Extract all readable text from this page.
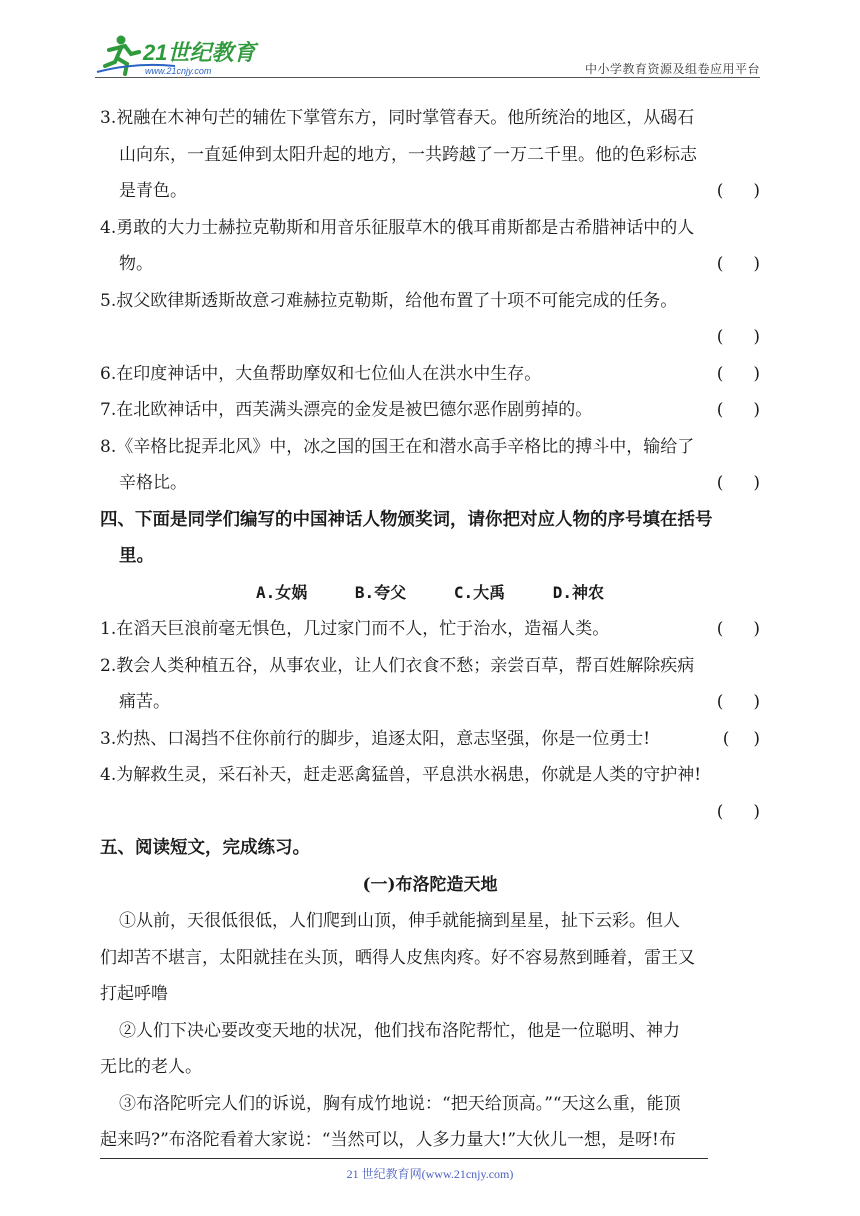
21世纪教育
www.21cnjy.com	中小学教育资源及组卷应用平台
3.祝融在木神句芒的辅佐下掌管东方，同时掌管春天。他所统治的地区，从碣石
山向东，一直延伸到太阳升起的地方，一共跨越了一万二千里。他的色彩标志
是青色。	( )
4.勇敢的大力士赫拉克勒斯和用音乐征服草木的俄耳甫斯都是古希腊神话中的人
物。	( )
5.叔父欧律斯透斯故意刁难赫拉克勒斯，给他布置了十项不可能完成的任务。
( )
6.在印度神话中，大鱼帮助摩奴和七位仙人在洪水中生存。	( )
7.在北欧神话中，西芙满头漂亮的金发是被巴德尔恶作剧剪掉的。	( )
8.《辛格比捉弄北风》中，冰之国的国王在和潜水高手辛格比的搏斗中，输给了
辛格比。	( )
四、下面是同学们编写的中国神话人物颁奖词，请你把对应人物的序号填在括号
里。
A.女娲	B.夸父	C.大禹	D.神农
1.在滔天巨浪前毫无惧色，几过家门而不人，忙于治水，造福人类。	( )
2.教会人类种植五谷，从事农业，让人们衣食不愁；亲尝百草，帮百姓解除疾病
痛苦。	( )
3.灼热、口渴挡不住你前行的脚步，追逐太阳，意志坚强，你是一位勇士!	( )
4.为解救生灵，采石补天，赶走恶禽猛兽，平息洪水祸患，你就是人类的守护神!
( )
五、阅读短文，完成练习。
(一)布洛陀造天地
①从前，天很低很低，人们爬到山顶，伸手就能摘到星星，扯下云彩。但人
们却苦不堪言，太阳就挂在头顶，晒得人皮焦肉疼。好不容易熬到睡着，雷王又
打起呼噜
②人们下决心要改变天地的状况，他们找布洛陀帮忙，他是一位聪明、神力
无比的老人。
③布洛陀听完人们的诉说，胸有成竹地说：“把天给顶高。”“天这么重，能顶
起来吗?”布洛陀看着大家说：“当然可以，人多力量大!”大伙儿一想，是呀!布
21 世纪教育网(www.21cnjy.com)
